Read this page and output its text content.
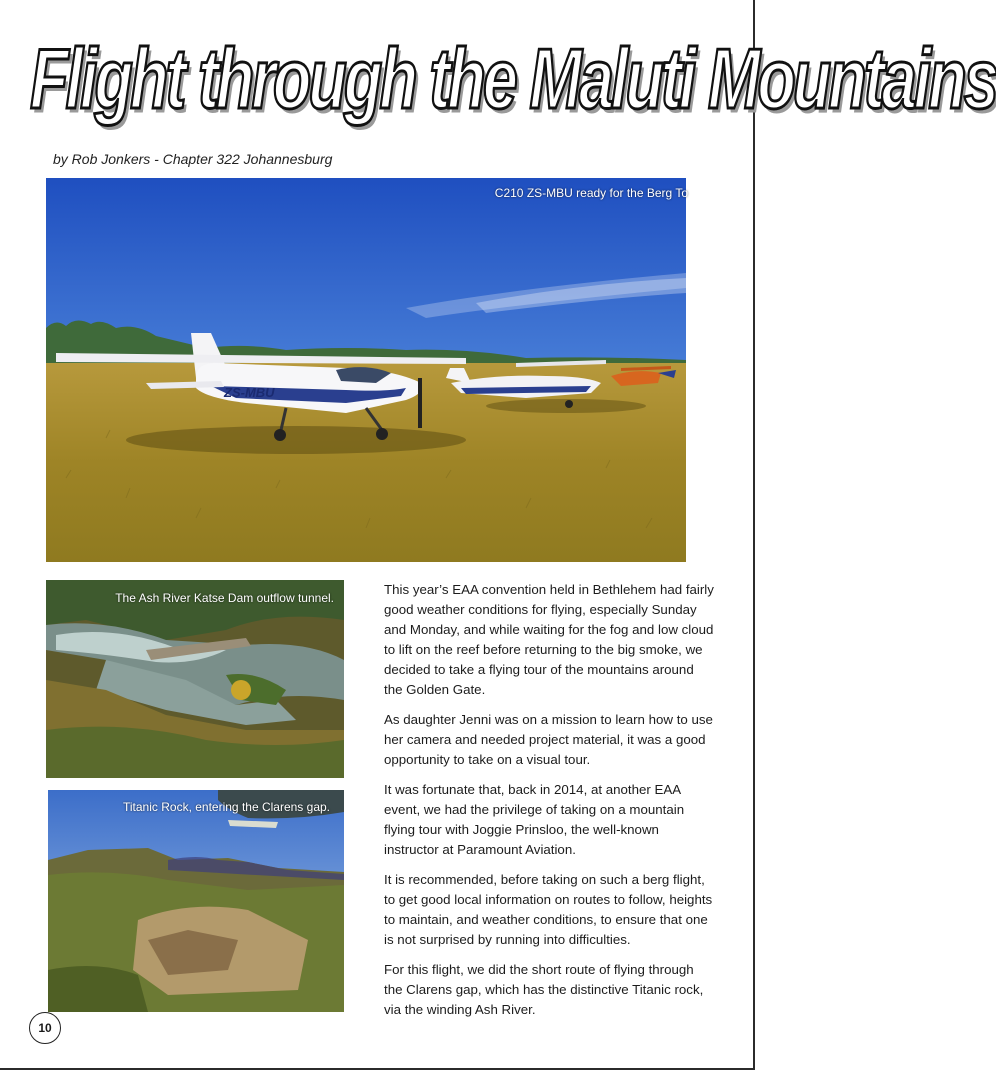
Flight through the Maluti Mountains
by Rob Jonkers - Chapter 322 Johannesburg
ZS-MBU
C210 ZS-MBU ready for the Berg To
The Ash River Katse Dam outflow tunnel.
Titanic Rock, entering the Clarens gap.

This year’s EAA convention held in Bethlehem had fairly good weather conditions for flying, especially Sunday and Monday, and while waiting for the fog and low cloud to lift on the reef before returning to the big smoke, we decided to take a flying tour of the mountains around the Golden Gate.

As daughter Jenni was on a mission to learn how to use her camera and needed project material, it was a good opportunity to take on a visual tour.

It was fortunate that, back in 2014, at another EAA event, we had the privilege of taking on a mountain flying tour with Joggie Prinsloo, the well-known instructor at Paramount Aviation.

It is recommended, before taking on such a berg flight, to get good local information on routes to follow, heights to maintain, and weather conditions, to ensure that one is not surprised by running into difficulties.

For this flight, we did the short route of flying through the Clarens gap, which has the distinctive Titanic rock, via the winding Ash River.

10
